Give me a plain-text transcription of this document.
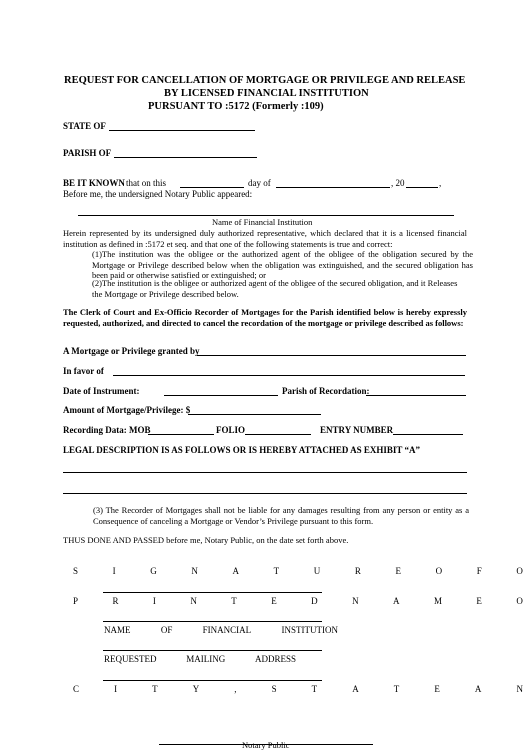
REQUEST FOR CANCELLATION OF MORTGAGE OR PRIVILEGE AND RELEASE
BY LICENSED FINANCIAL INSTITUTION
PURSUANT TO :5172 (Formerly :109)
STATE OF
PARISH OF
BE IT KNOWN that on this	day of	, 20	,
Before me, the undersigned Notary Public appeared:
Name of Financial Institution
Herein represented by its undersigned duly authorized representative, which declared that it is a licensed financial institution as defined in :5172 et seq. and that one of the following statements is true and correct:
(1)The institution was the obligee or the authorized agent of the obligee of the obligation secured by the Mortgage or Privilege described below when the obligation was extinguished, and the secured obligation has been paid or otherwise satisfied or extinguished; or
(2)The institution is the obligee or authorized agent of the obligee of the secured obligation, and it Releases the Mortgage or Privilege described below.
The Clerk of Court and Ex-Officio Recorder of Mortgages for the Parish identified below is hereby expressly requested, authorized, and directed to cancel the recordation of the mortgage or privilege described as follows:
A Mortgage or Privilege granted by
In favor of
Date of Instrument:	Parish of Recordation:
Amount of Mortgage/Privilege: $
Recording Data: MOB	FOLIO	ENTRY NUMBER
LEGAL DESCRIPTION IS AS FOLLOWS OR IS HEREBY ATTACHED AS EXHIBIT “A”
(3) The Recorder of Mortgages shall not be liable for any damages resulting from any person or entity as a Consequence of canceling a Mortgage or Vendor’s Privilege pursuant to this form.
THUS DONE AND PASSED before me, Notary Public, on the date set forth above.
S	I	G	N	A	T	U	R	E	O	F	O
P	R	I	N	T	E	D	N	A	M	E	O
NAME	OF	FINANCIAL	INSTITUTION
REQUESTED	MAILING	ADDRESS
C	I	T	Y	,	S	T	A	T	E	A	N
Notary Public
